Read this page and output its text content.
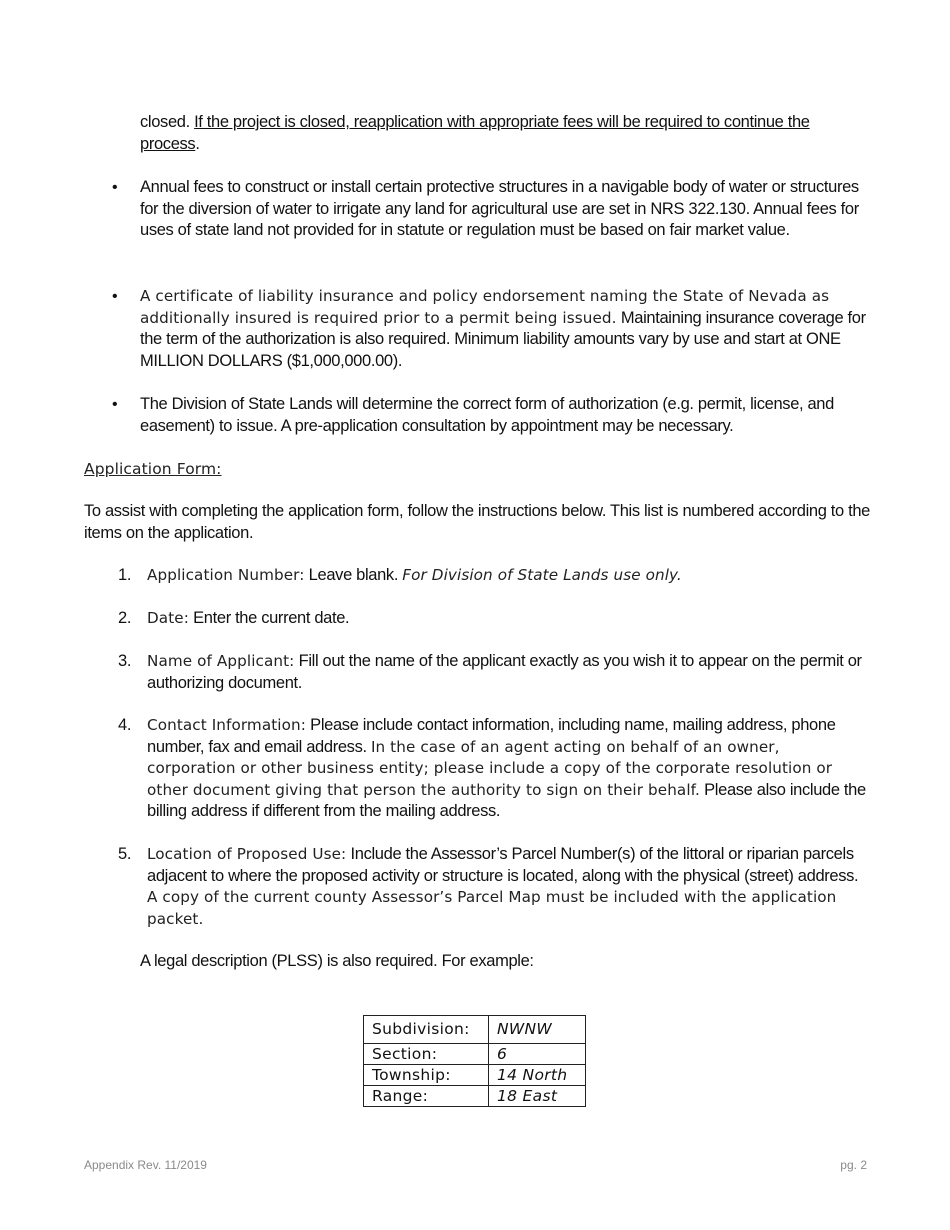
closed. If the project is closed, reapplication with appropriate fees will be required to continue the process.

• Annual fees to construct or install certain protective structures in a navigable body of water or structures for the diversion of water to irrigate any land for agricultural use are set in NRS 322.130. Annual fees for uses of state land not provided for in statute or regulation must be based on fair market value.

• A certificate of liability insurance and policy endorsement naming the State of Nevada as additionally insured is required prior to a permit being issued. Maintaining insurance coverage for the term of the authorization is also required. Minimum liability amounts vary by use and start at ONE MILLION DOLLARS ($1,000,000.00).

• The Division of State Lands will determine the correct form of authorization (e.g. permit, license, and easement) to issue. A pre-application consultation by appointment may be necessary.

Application Form:

To assist with completing the application form, follow the instructions below. This list is numbered according to the items on the application.

1.	Application Number: Leave blank. For Division of State Lands use only.

2.	Date: Enter the current date.

3.	Name of Applicant: Fill out the name of the applicant exactly as you wish it to appear on the permit or authorizing document.

4.	Contact Information: Please include contact information, including name, mailing address, phone number, fax and email address. In the case of an agent acting on behalf of an owner, corporation or other business entity; please include a copy of the corporate resolution or other document giving that person the authority to sign on their behalf. Please also include the billing address if different from the mailing address.

5.	Location of Proposed Use: Include the Assessor’s Parcel Number(s) of the littoral or riparian parcels adjacent to where the proposed activity or structure is located, along with the physical (street) address. A copy of the current county Assessor’s Parcel Map must be included with the application packet.

A legal description (PLSS) is also required. For example:

Subdivision:	NWNW
Section:	6
Township:	14 North
Range:	18 East
Appendix Rev. 11/2019	pg. 2
